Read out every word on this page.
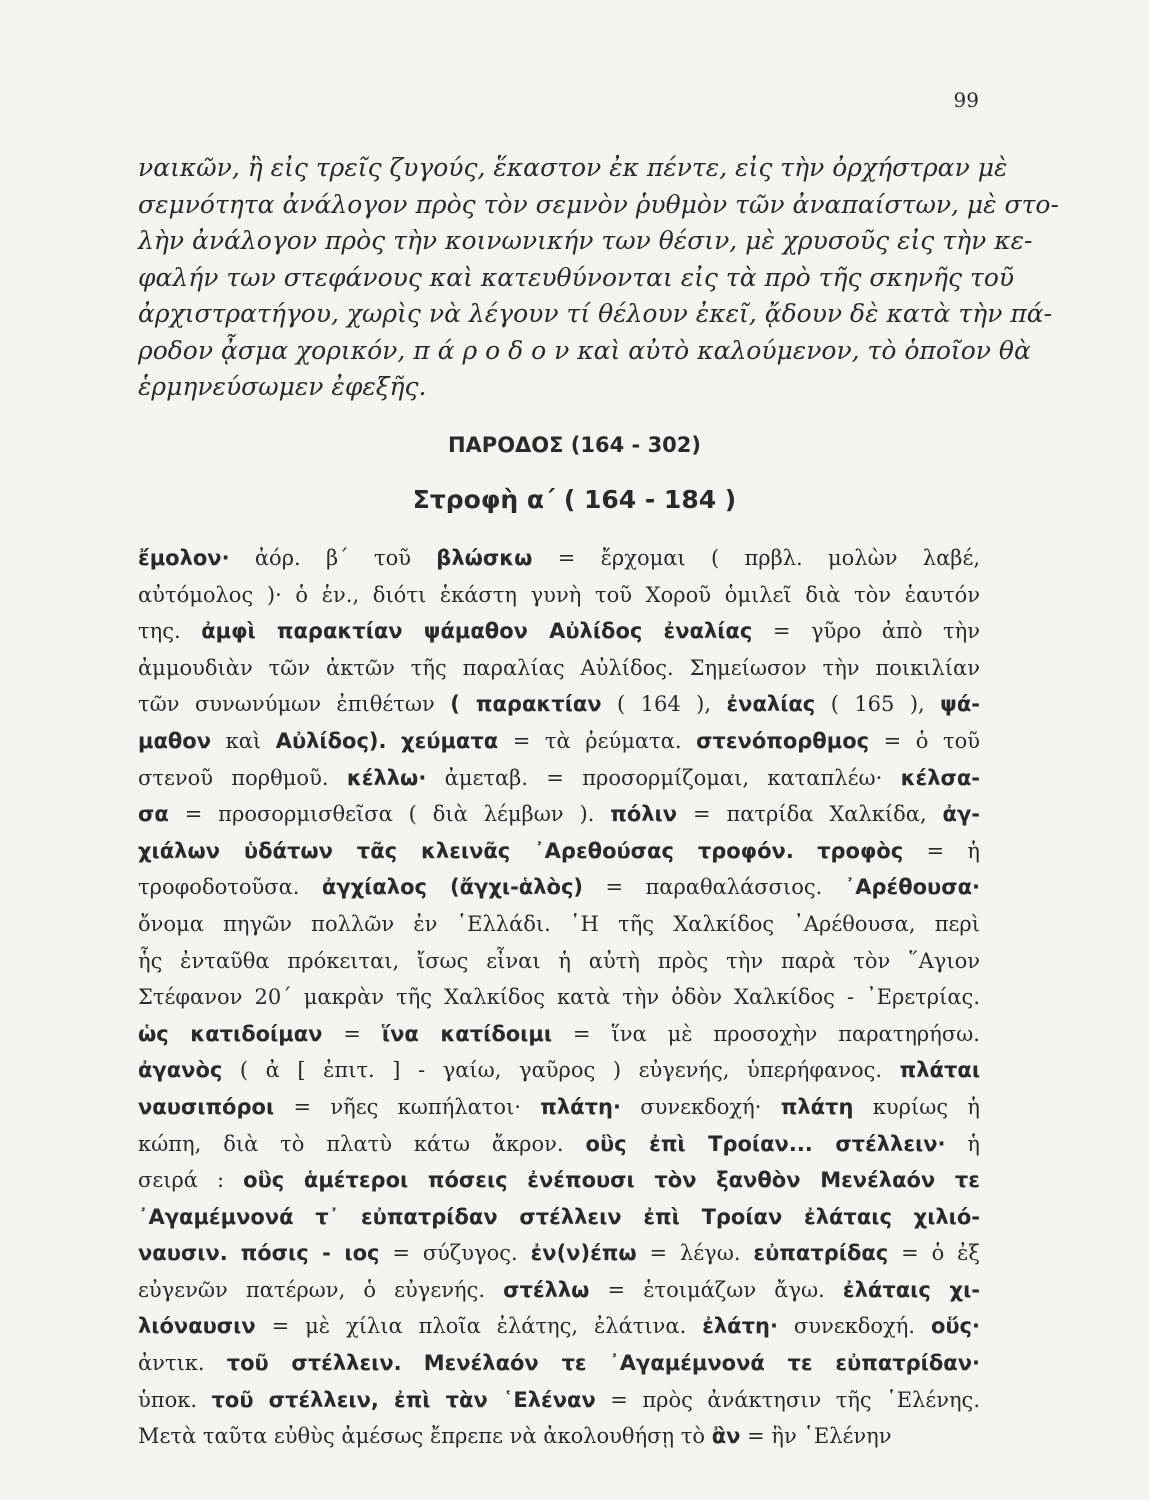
99
ναικῶν, ἢ εἰς τρεῖς ζυγούς, ἕκαστον ἐκ πέντε, εἰς τὴν ὀρχήστραν μὲ
σεμνότητα ἀνάλογον πρὸς τὸν σεμνὸν ῥυθμὸν τῶν ἀναπαίστων, μὲ στο-
λὴν ἀνάλογον πρὸς τὴν κοινωνικήν των θέσιν, μὲ χρυσοῦς εἰς τὴν κε-
φαλήν των στεφάνους καὶ κατευθύνονται εἰς τὰ πρὸ τῆς σκηνῆς τοῦ
ἀρχιστρατήγου, χωρὶς νὰ λέγουν τί θέλουν ἐκεῖ, ᾄδουν δὲ κατὰ τὴν πά-
ροδον ᾆσμα χορικόν, π ά ρ ο δ ο ν καὶ αὐτὸ καλούμενον, τὸ ὁποῖον θὰ
ἑρμηνεύσωμεν ἐφεξῆς.
ΠΑΡΟΔΟΣ (164 - 302)
Στροφὴ α΄ ( 164 - 184 )
ἔμολον· ἀόρ. β΄ τοῦ βλώσκω = ἔρχομαι ( πρβλ. μολὼν λαβέ,
αὐτόμολος )· ὁ ἑν., διότι ἑκάστη γυνὴ τοῦ Χοροῦ ὁμιλεῖ διὰ τὸν ἑαυτόν
της. ἀμφὶ παρακτίαν ψάμαθον Αὐλίδος ἐναλίας = γῦρο ἀπὸ τὴν
ἀμμουδιὰν τῶν ἀκτῶν τῆς παραλίας Αὐλίδος. Σημείωσον τὴν ποικιλίαν
τῶν συνωνύμων ἐπιθέτων ( παρακτίαν ( 164 ), ἐναλίας ( 165 ), ψά-
μαθον καὶ Αὐλίδος). χεύματα = τὰ ῥεύματα. στενόπορθμος = ὁ τοῦ
στενοῦ πορθμοῦ. κέλλω· ἀμεταβ. = προσορμίζομαι, καταπλέω· κέλσα-
σα = προσορμισθεῖσα ( διὰ λέμβων ). πόλιν = πατρίδα Χαλκίδα, ἀγ-
χιάλων ὑδάτων τᾶς κλεινᾶς ᾿Αρεθούσας τροφόν. τροφὸς = ἡ
τροφοδοτοῦσα. ἀγχίαλος (ἄγχι-ἁλὸς) = παραθαλάσσιος. ᾿Αρέθουσα·
ὄνομα πηγῶν πολλῶν ἐν ῾Ελλάδι. ῾Η τῆς Χαλκίδος ᾿Αρέθουσα, περὶ
ἧς ἐνταῦθα πρόκειται, ἴσως εἶναι ἡ αὐτὴ πρὸς τὴν παρὰ τὸν ῞Αγιον
Στέφανον 20΄ μακρὰν τῆς Χαλκίδος κατὰ τὴν ὁδὸν Χαλκίδος - ᾿Ερετρίας.
ὡς κατιδοίμαν = ἵνα κατίδοιμι = ἵνα μὲ προσοχὴν παρατηρήσω.
ἀγανὸς ( ἀ [ ἐπιτ. ] - γαίω, γαῦρος ) εὐγενής, ὑπερήφανος. πλάται
ναυσιπόροι = νῆες κωπήλατοι· πλάτη· συνεκδοχή· πλάτη κυρίως ἡ
κώπη, διὰ τὸ πλατὺ κάτω ἄκρον. οὓς ἐπὶ Τροίαν... στέλλειν· ἡ
σειρά : οὓς ἁμέτεροι πόσεις ἐνέπουσι τὸν ξανθὸν Μενέλαόν τε
᾿Αγαμέμνονά τ᾿ εὐπατρίδαν στέλλειν ἐπὶ Τροίαν ἐλάταις χιλιό-
ναυσιν. πόσις - ιος = σύζυγος. ἐν(ν)έπω = λέγω. εὐπατρίδας = ὁ ἐξ
εὐγενῶν πατέρων, ὁ εὐγενής. στέλλω = ἑτοιμάζων ἄγω. ἐλάταις χι-
λιόναυσιν = μὲ χίλια πλοῖα ἐλάτης, ἐλάτινα. ἐλάτη· συνεκδοχή. οὕς·
ἀντικ. τοῦ στέλλειν. Μενέλαόν τε ᾿Αγαμέμνονά τε εὐπατρίδαν·
ὑποκ. τοῦ στέλλειν, ἐπὶ τὰν ῾Ελέναν = πρὸς ἀνάκτησιν τῆς ῾Ελένης.
Μετὰ ταῦτα εὐθὺς ἀμέσως ἔπρεπε νὰ ἀκολουθήσῃ τὸ ἂν = ἣν ῾Ελένην
